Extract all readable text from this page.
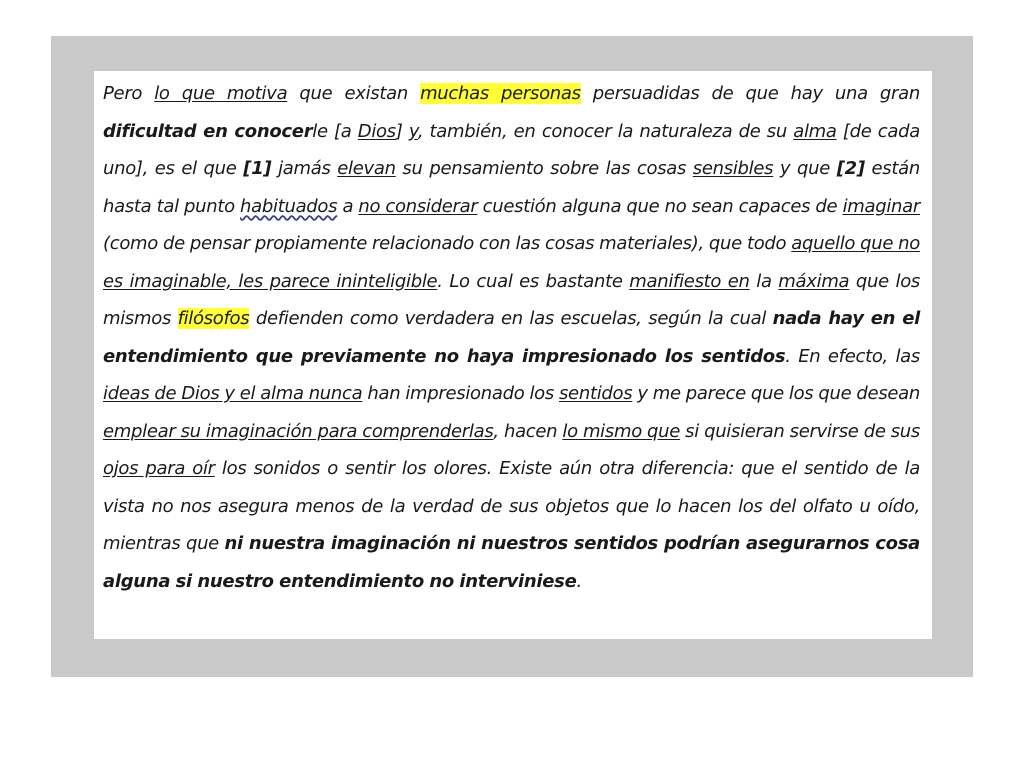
Pero lo que motiva que existan muchas personas persuadidas de que hay una gran dificultad en conocerle [a Dios] y, también, en conocer la naturaleza de su alma [de cada uno], es el que [1] jamás elevan su pensamiento sobre las cosas sensibles y que [2] están hasta tal punto habituados a no considerar cuestión alguna que no sean capaces de imaginar (como de pensar propiamente relacionado con las cosas materiales), que todo aquello que no es imaginable, les parece ininteligible. Lo cual es bastante manifiesto en la máxima que los mismos filósofos defienden como verdadera en las escuelas, según la cual nada hay en el entendimiento que previamente no haya impresionado los sentidos. En efecto, las ideas de Dios y el alma nunca han impresionado los sentidos y me parece que los que desean emplear su imaginación para comprenderlas, hacen lo mismo que si quisieran servirse de sus ojos para oír los sonidos o sentir los olores. Existe aún otra diferencia: que el sentido de la vista no nos asegura menos de la verdad de sus objetos que lo hacen los del olfato u oído, mientras que ni nuestra imaginación ni nuestros sentidos podrían asegurarnos cosa alguna si nuestro entendimiento no interviniese.
